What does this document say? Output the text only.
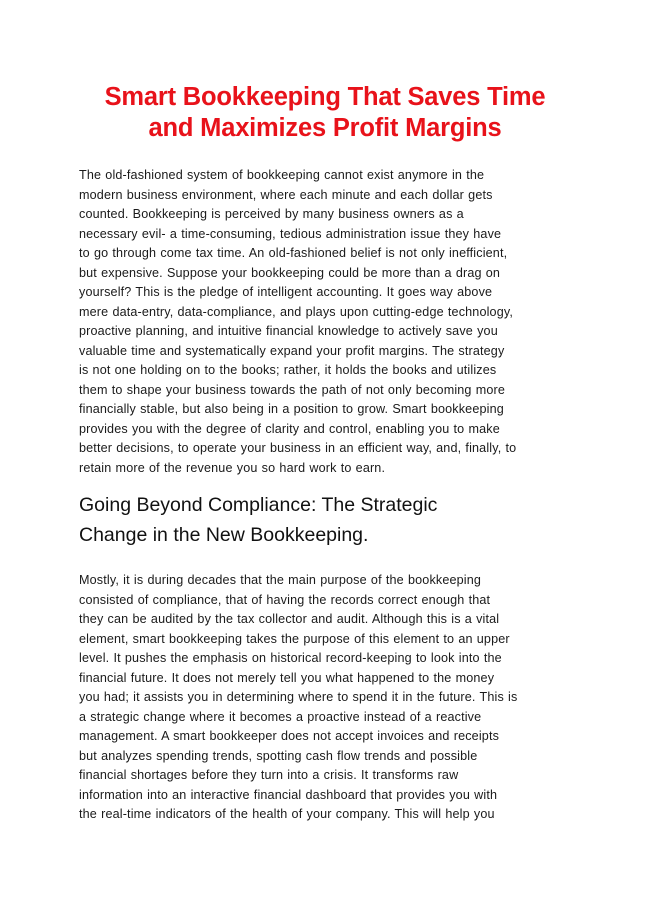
Smart Bookkeeping That Saves Time
and Maximizes Profit Margins

The old-fashioned system of bookkeeping cannot exist anymore in the
modern business environment, where each minute and each dollar gets
counted. Bookkeeping is perceived by many business owners as a
necessary evil- a time-consuming, tedious administration issue they have
to go through come tax time. An old-fashioned belief is not only inefficient,
but expensive. Suppose your bookkeeping could be more than a drag on
yourself? This is the pledge of intelligent accounting. It goes way above
mere data-entry, data-compliance, and plays upon cutting-edge technology,
proactive planning, and intuitive financial knowledge to actively save you
valuable time and systematically expand your profit margins. The strategy
is not one holding on to the books; rather, it holds the books and utilizes
them to shape your business towards the path of not only becoming more
financially stable, but also being in a position to grow. Smart bookkeeping
provides you with the degree of clarity and control, enabling you to make
better decisions, to operate your business in an efficient way, and, finally, to
retain more of the revenue you so hard work to earn.

Going Beyond Compliance: The Strategic
Change in the New Bookkeeping.

Mostly, it is during decades that the main purpose of the bookkeeping
consisted of compliance, that of having the records correct enough that
they can be audited by the tax collector and audit. Although this is a vital
element, smart bookkeeping takes the purpose of this element to an upper
level. It pushes the emphasis on historical record-keeping to look into the
financial future. It does not merely tell you what happened to the money
you had; it assists you in determining where to spend it in the future. This is
a strategic change where it becomes a proactive instead of a reactive
management. A smart bookkeeper does not accept invoices and receipts
but analyzes spending trends, spotting cash flow trends and possible
financial shortages before they turn into a crisis. It transforms raw
information into an interactive financial dashboard that provides you with
the real-time indicators of the health of your company. This will help you
